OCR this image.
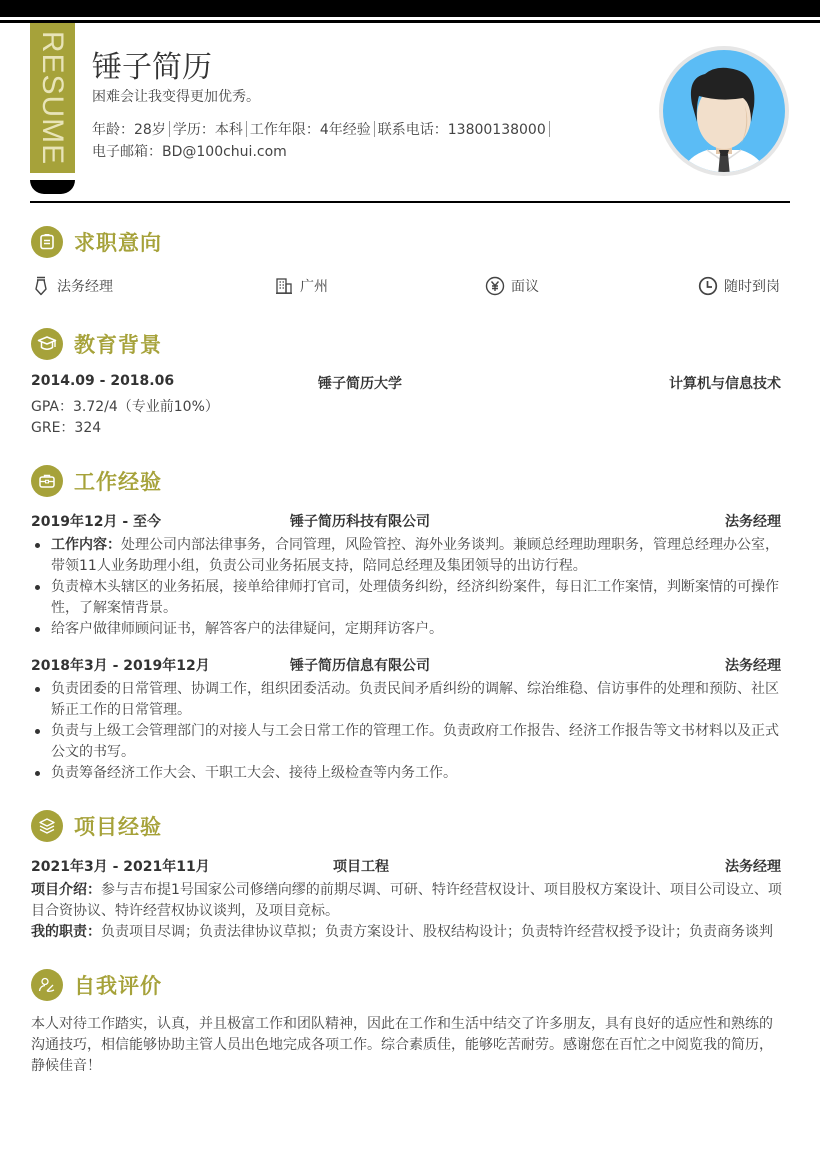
RESUME 锤子简历
困难会让我变得更加优秀。
年龄：28岁 学历：本科 工作年限：4年经验 联系电话：13800138000
电子邮箱：BD@100chui.com
求职意向
法务经理	广州	面议	随时到岗
教育背景
2014.09 - 2018.06	锤子简历大学	计算机与信息技术
GPA：3.72/4（专业前10%）
GRE：324
工作经验
2019年12月 - 至今	锤子简历科技有限公司	法务经理
工作内容：处理公司内部法律事务，合同管理，风险管控、海外业务谈判。兼顾总经理助理职务，管理总经理办公室，带领11人业务助理小组，负责公司业务拓展支持，陪同总经理及集团领导的出访行程。
负责樟木头辖区的业务拓展，接单给律师打官司，处理债务纠纷，经济纠纷案件，每日汇工作案情，判断案情的可操作性，了解案情背景。
给客户做律师顾问证书，解答客户的法律疑问，定期拜访客户。
2018年3月 - 2019年12月	锤子简历信息有限公司	法务经理
负责团委的日常管理、协调工作，组织团委活动。负责民间矛盾纠纷的调解、综治维稳、信访事件的处理和预防、社区矫正工作的日常管理。
负责与上级工会管理部门的对接人与工会日常工作的管理工作。负责政府工作报告、经济工作报告等文书材料以及正式公文的书写。
负责筹备经济工作大会、干职工大会、接待上级检查等内务工作。
项目经验
2021年3月 - 2021年11月	项目工程	法务经理
项目介绍：参与吉布提1号国家公司修缮向缪的前期尽调、可研、特许经营权设计、项目股权方案设计、项目公司设立、项目合资协议、特许经营权协议谈判，及项目竞标。
我的职责：负责项目尽调；负责法律协议草拟；负责方案设计、股权结构设计；负责特许经营权授予设计；负责商务谈判
自我评价
本人对待工作踏实，认真，并且极富工作和团队精神，因此在工作和生活中结交了许多朋友，具有良好的适应性和熟练的沟通技巧，相信能够协助主管人员出色地完成各项工作。综合素质佳，能够吃苦耐劳。感谢您在百忙之中阅览我的简历，静候佳音！
